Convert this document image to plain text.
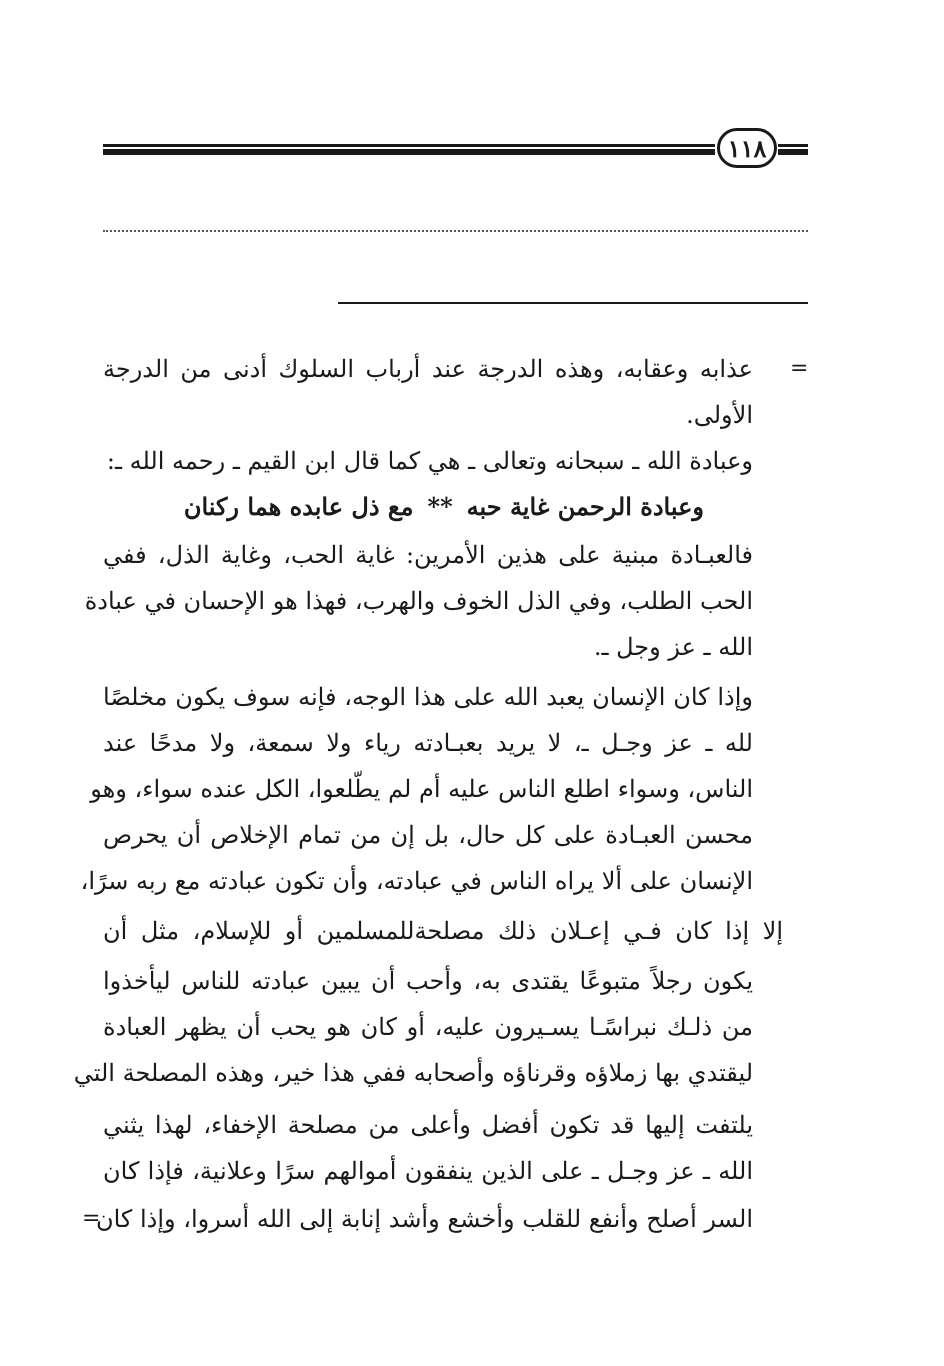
١١٨
=
=
عذابه وعقابه، وهذه الدرجة عند أرباب السلوك أدنى من الدرجة
الأولى.
وعبادة الله ـ سبحانه وتعالى ـ هي كما قال ابن القيم ـ رحمه الله ـ:
وعبادة الرحمن غاية حبه**مع ذل عابده هما ركنان
فالعبـادة مبنية على هذين الأمرين: غاية الحب، وغاية الذل، ففي
الحب الطلب، وفي الذل الخوف والهرب، فهذا هو الإحسان في عبادة
الله ـ عز وجل ـ.
وإذا كان الإنسان يعبد الله على هذا الوجه، فإنه سوف يكون مخلصًا
لله ـ عز وجـل ـ، لا يريد بعبـادته رياء ولا سمعة، ولا مدحًا عند
الناس، وسواء اطلع الناس عليه أم لم يطّلعوا، الكل عنده سواء، وهو
محسن العبـادة على كل حال، بل إن من تمام الإخلاص أن يحرص
الإنسان على ألا يراه الناس في عبادته، وأن تكون عبادته مع ربه سرًا،
إلا إذا كان فـي إعـلان ذلك مصلحةللمسلمين أو للإسلام، مثل أن
يكون رجلاً متبوعًا يقتدى به، وأحب أن يبين عبادته للناس ليأخذوا
من ذلـك نبراسًـا يسـيرون عليه، أو كان هو يحب أن يظهر العبادة
ليقتدي بها زملاؤه وقرناؤه وأصحابه ففي هذا خير، وهذه المصلحة التي
يلتفت إليها قد تكون أفضل وأعلى من مصلحة الإخفاء، لهذا يثني
الله ـ عز وجـل ـ على الذين ينفقون أموالهم سرًا وعلانية، فإذا كان
السر أصلح وأنفع للقلب وأخشع وأشد إنابة إلى الله أسروا، وإذا كان
